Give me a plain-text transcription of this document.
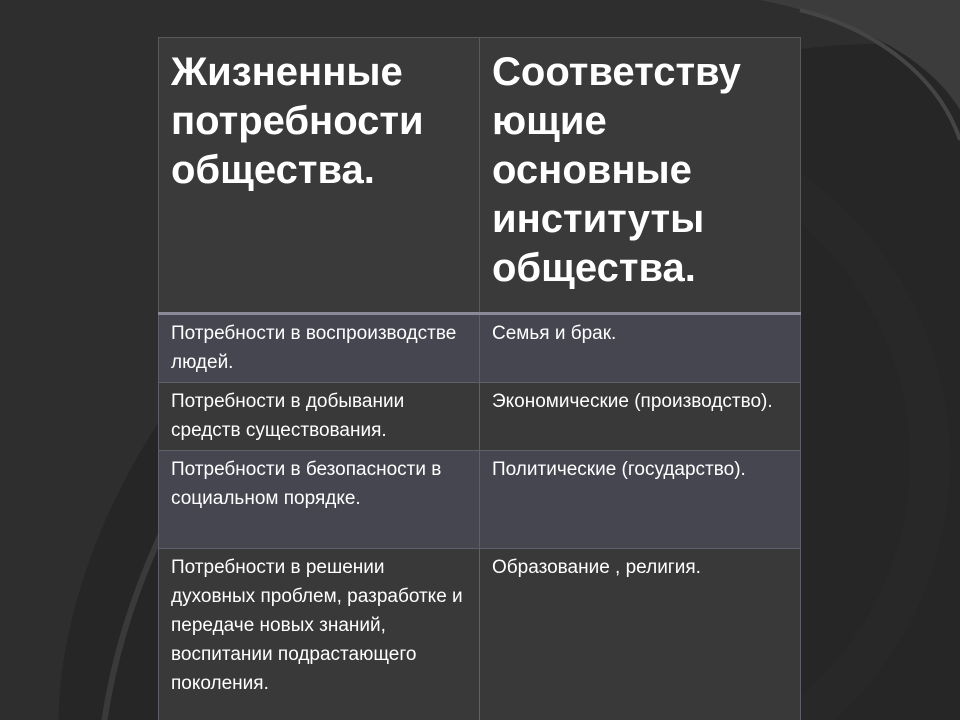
Жизненные потребности общества.	Соответству ющие основные институты общества.
Потребности в воспроизводстве людей.	Семья и брак.
Потребности в добывании средств существования.	Экономические (производство).
Потребности в безопасности в социальном порядке.	Политические (государство).
Потребности в решении духовных проблем, разработке и передаче новых знаний, воспитании подрастающего поколения.	Образование , религия.
